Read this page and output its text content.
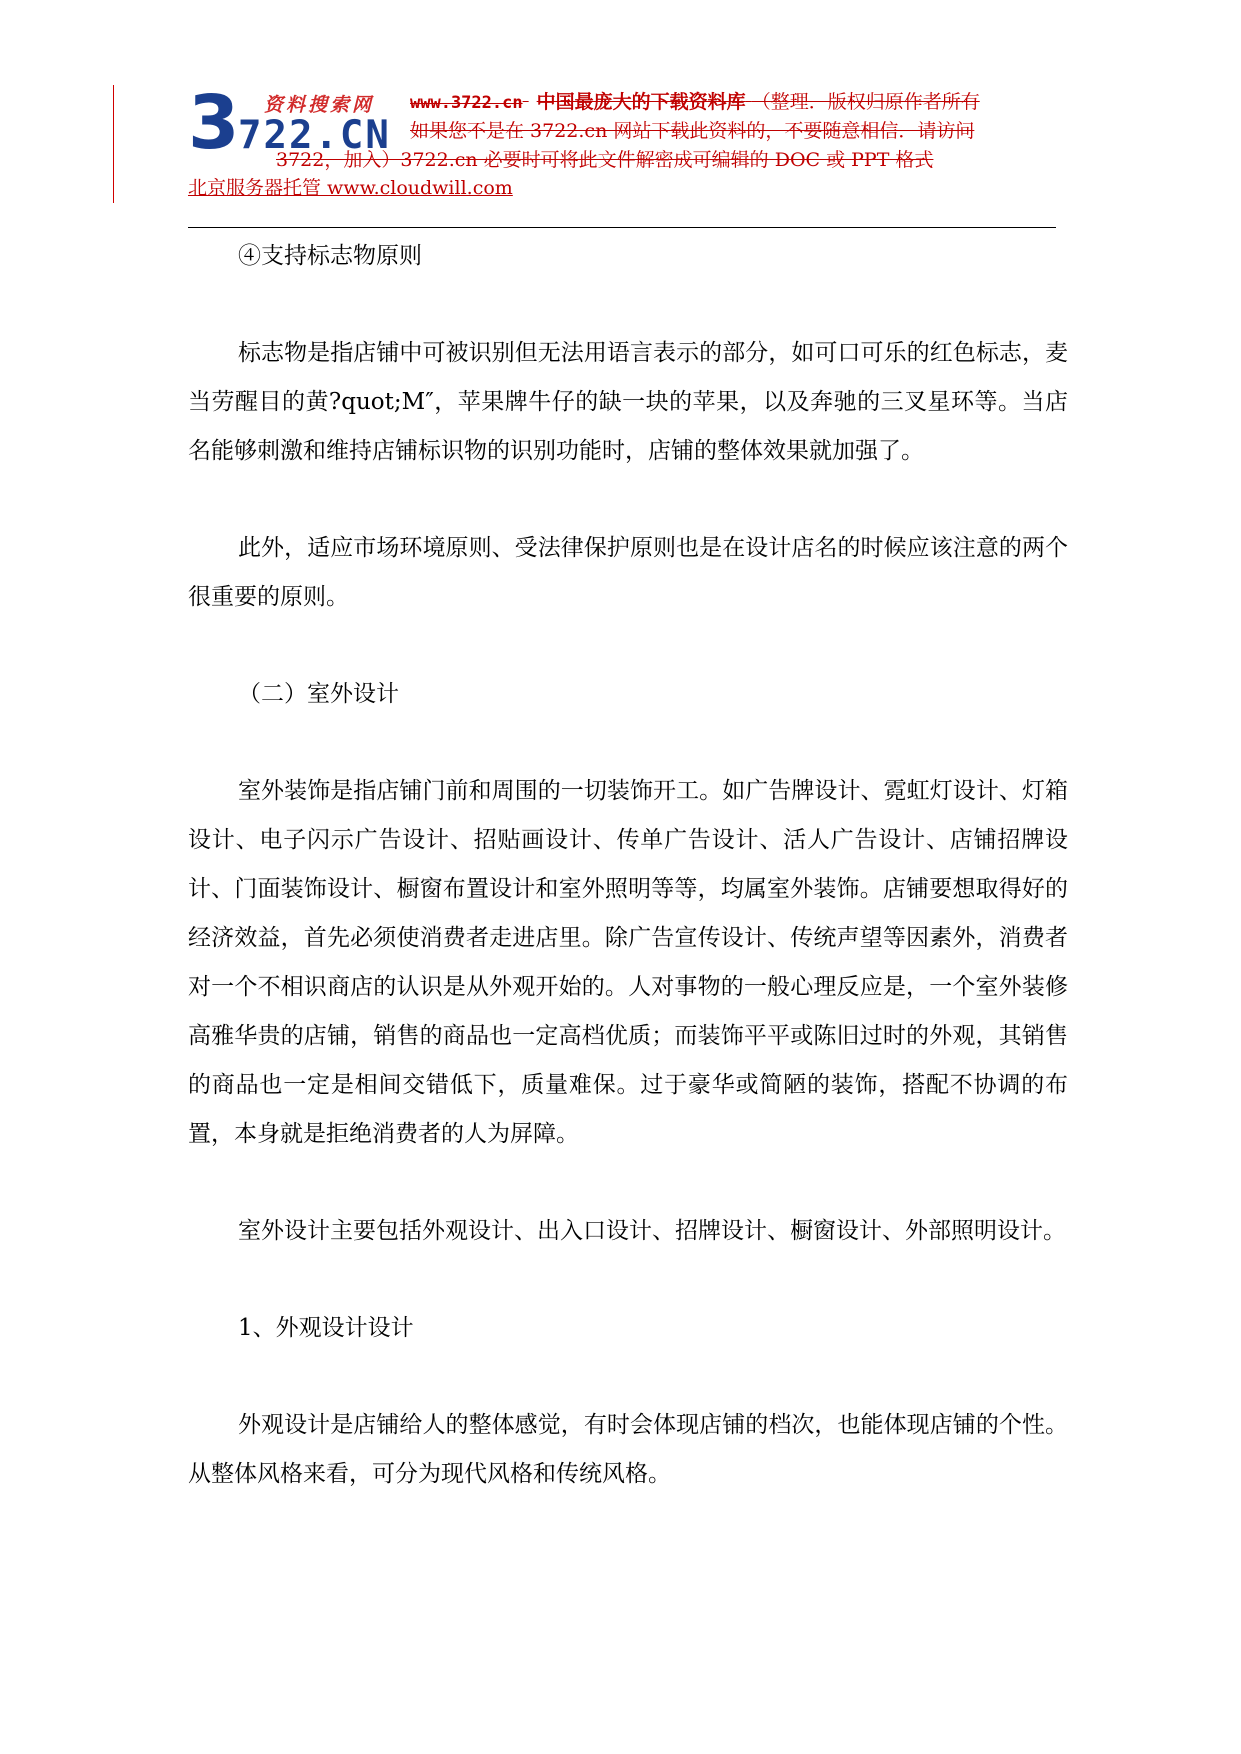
3 资料搜索网
722.CN
www.3722.cn 中国最庞大的下载资料库 （整理．版权归原作者所有
如果您不是在 3722.cn 网站下载此资料的，不要随意相信．请访问
3722，加入）3722.cn 必要时可将此文件解密成可编辑的 DOC 或 PPT 格式
北京服务器托管 www.cloudwill.com

④支持标志物原则

标志物是指店铺中可被识别但无法用语言表示的部分，如可口可乐的红色标志，麦当劳醒目的黄?quot;M″，苹果牌牛仔的缺一块的苹果，以及奔驰的三叉星环等。当店名能够刺激和维持店铺标识物的识别功能时，店铺的整体效果就加强了。

此外，适应市场环境原则、受法律保护原则也是在设计店名的时候应该注意的两个很重要的原则。

（二）室外设计

室外装饰是指店铺门前和周围的一切装饰开工。如广告牌设计、霓虹灯设计、灯箱设计、电子闪示广告设计、招贴画设计、传单广告设计、活人广告设计、店铺招牌设计、门面装饰设计、橱窗布置设计和室外照明等等，均属室外装饰。店铺要想取得好的经济效益，首先必须使消费者走进店里。除广告宣传设计、传统声望等因素外，消费者对一个不相识商店的认识是从外观开始的。人对事物的一般心理反应是，一个室外装修高雅华贵的店铺，销售的商品也一定高档优质；而装饰平平或陈旧过时的外观，其销售的商品也一定是相间交错低下，质量难保。过于豪华或简陋的装饰，搭配不协调的布置，本身就是拒绝消费者的人为屏障。

室外设计主要包括外观设计、出入口设计、招牌设计、橱窗设计、外部照明设计。

1、外观设计设计

外观设计是店铺给人的整体感觉，有时会体现店铺的档次，也能体现店铺的个性。从整体风格来看，可分为现代风格和传统风格。
